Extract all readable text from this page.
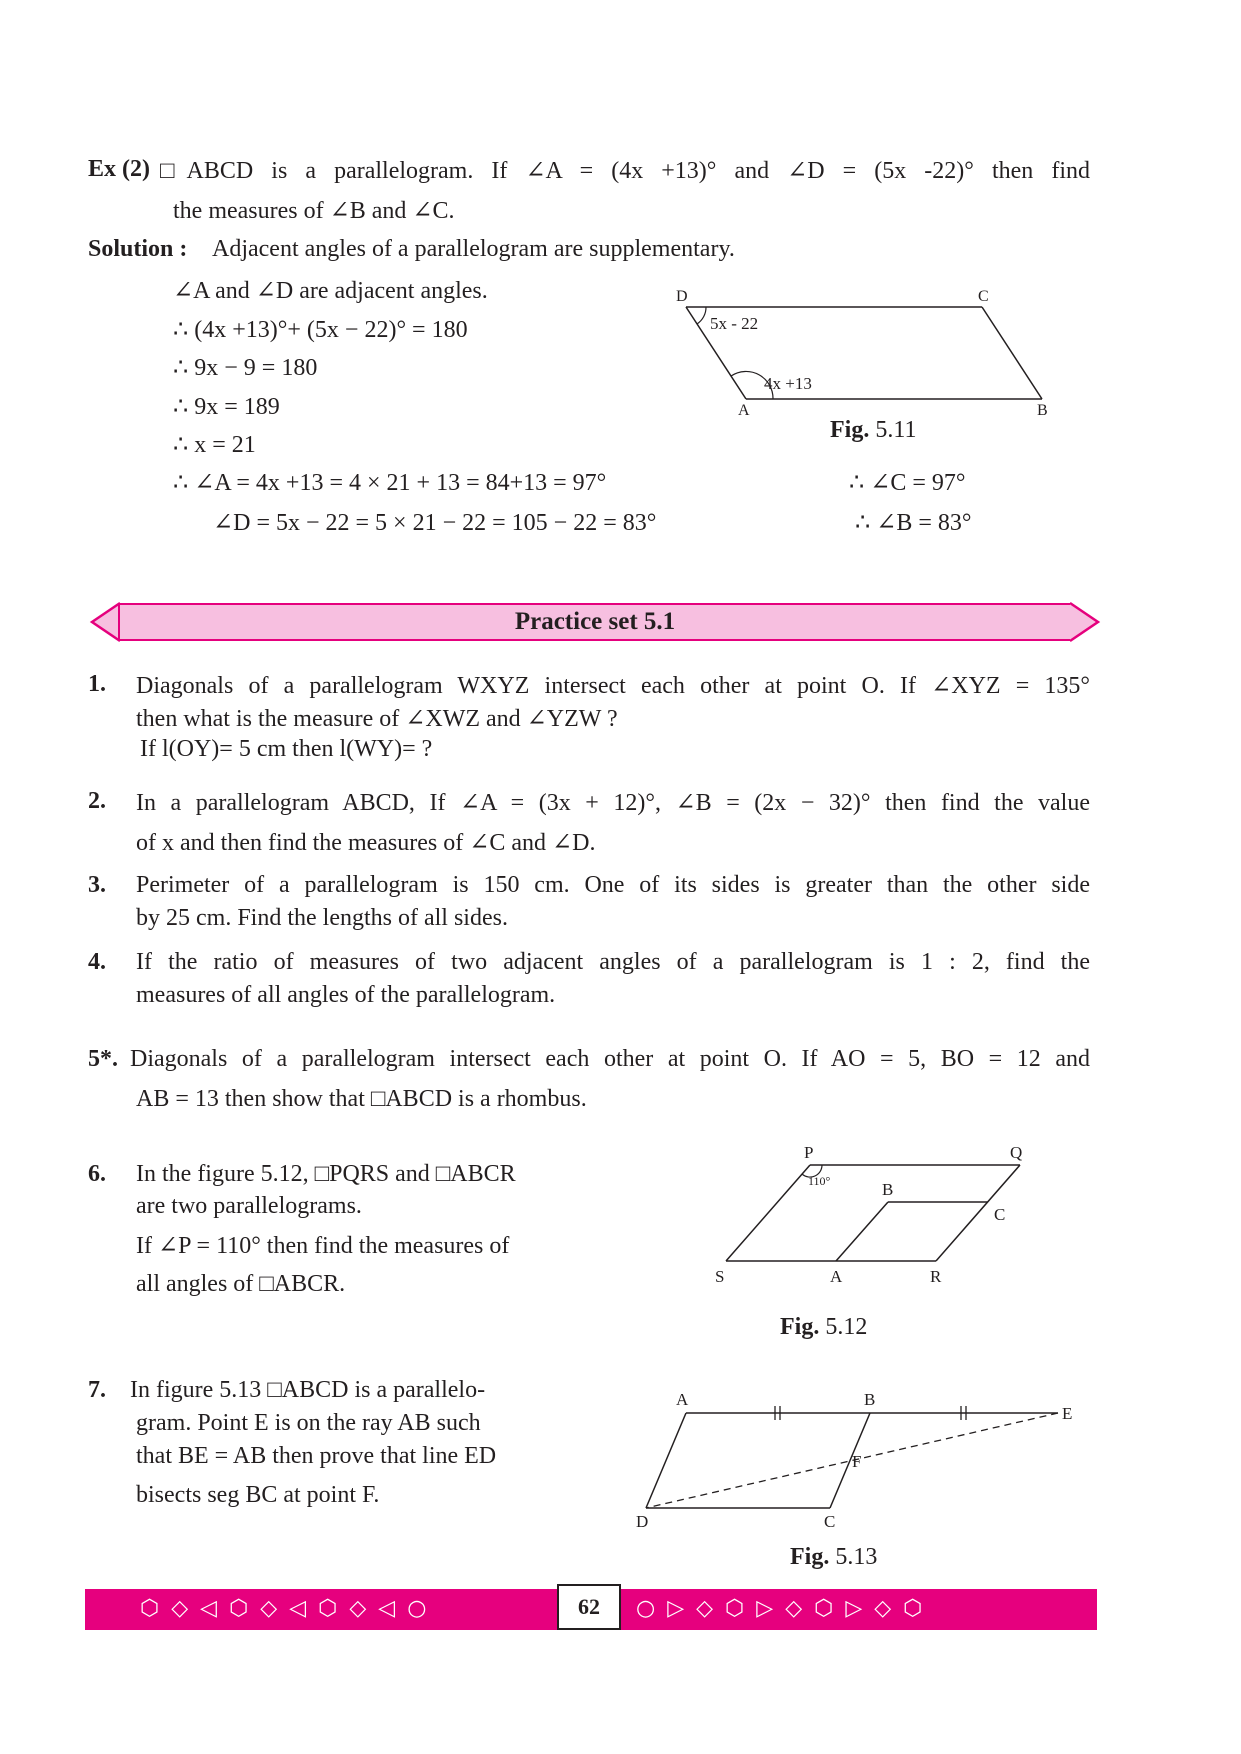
Ex (2) □ABCD is a parallelogram. If ∠A = (4x +13)° and ∠D = (5x -22)° then find
the measures of ∠B and ∠C.
Solution : Adjacent angles of a parallelogram are supplementary.
∠A and ∠D are adjacent angles.
∴ (4x +13)°+ (5x − 22)° = 180
∴ 9x − 9 = 180
∴ 9x = 189
∴ x = 21
∴ ∠A = 4x +13 = 4 × 21 + 13 = 84+13 = 97°
∠D = 5x − 22 = 5 × 21 − 22 = 105 − 22 = 83°
∴ ∠C = 97°
∴ ∠B = 83°
D	C
A	B
5x - 22
4x +13
Fig. 5.11
Practice set 5.1
1. Diagonals of a parallelogram WXYZ intersect each other at point O. If ∠XYZ = 135°
then what is the measure of ∠XWZ and ∠YZW ?
If l(OY)= 5 cm then l(WY)= ?
2. In a parallelogram ABCD, If ∠A = (3x + 12)°, ∠B = (2x − 32)° then find the value
of x and then find the measures of ∠C and ∠D.
3. Perimeter of a parallelogram is 150 cm. One of its sides is greater than the other side
by 25 cm. Find the lengths of all sides.
4. If the ratio of measures of two adjacent angles of a parallelogram is 1 : 2, find the
measures of all angles of the parallelogram.
5*. Diagonals of a parallelogram intersect each other at point O. If AO = 5, BO = 12 and
AB = 13 then show that □ABCD is a rhombus.
6. In the figure 5.12, □PQRS and □ABCR
are two parallelograms.
If ∠P = 110° then find the measures of
all angles of □ABCR.
7. In figure 5.13 □ABCD is a parallelo-
gram. Point E is on the ray AB such
that BE = AB then prove that line ED
bisects seg BC at point F.
P	Q
S	A	R
B
C
110°
Fig. 5.12
A	B
E
F
D	C
Fig. 5.13
⬡ ◇ ◁ ⬡ ◇ ◁ ⬡ ◇ ◁ ○	62	○ ▷ ◇ ⬡ ▷ ◇ ⬡ ▷ ◇ ⬡
